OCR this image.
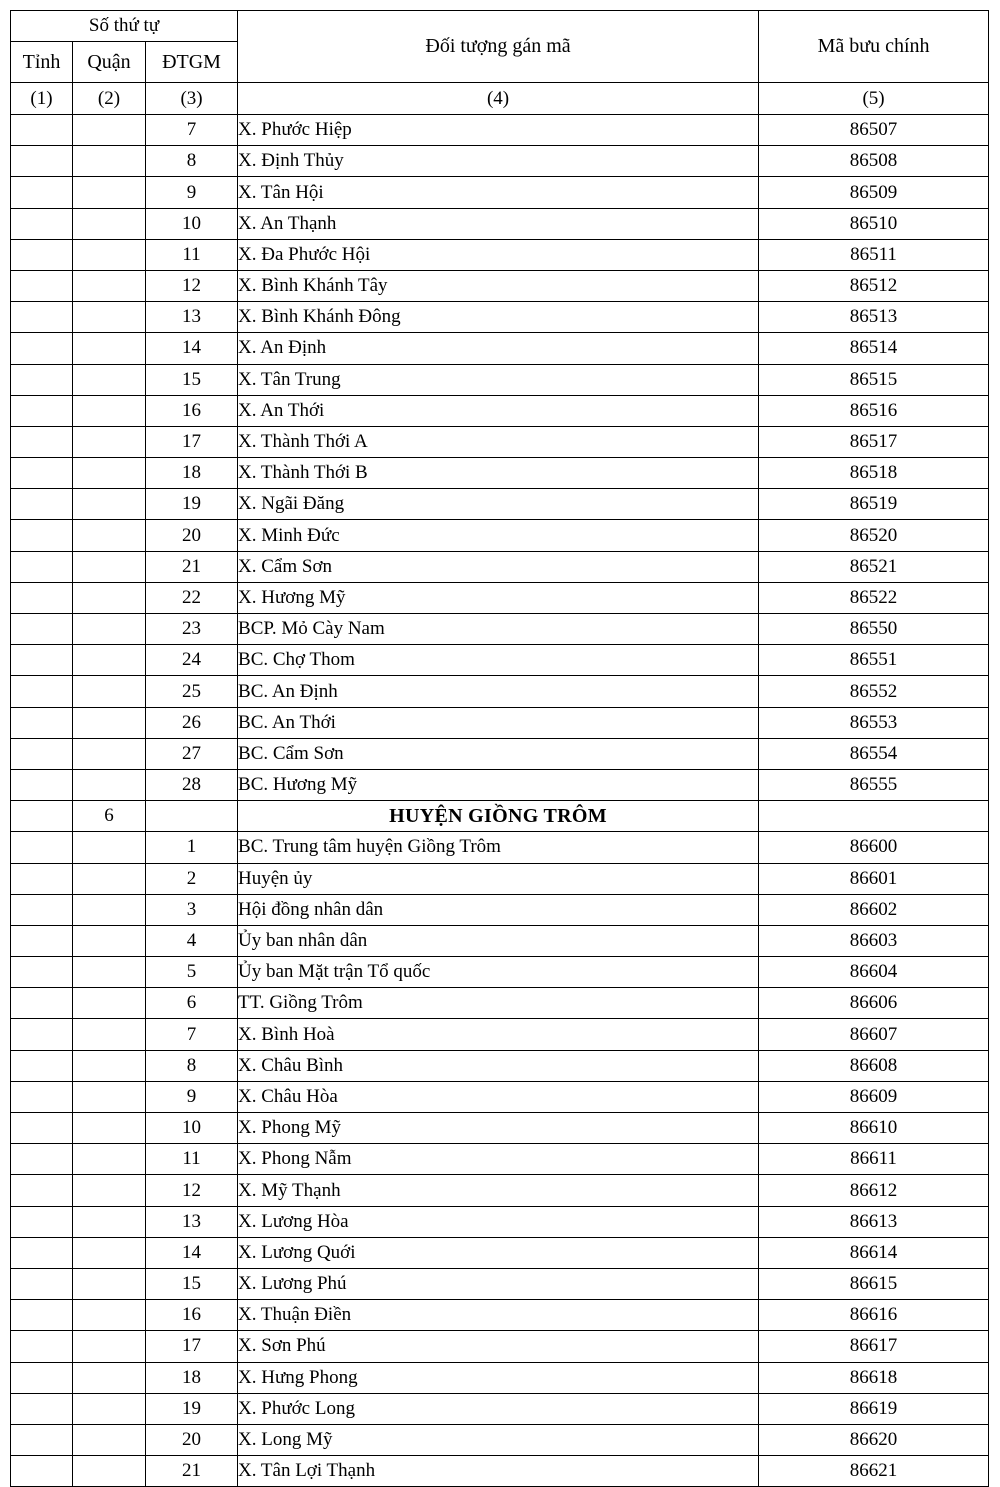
Số thứ tự			Đối tượng gán mã	Mã bưu chính
Tỉnh	Quận	ĐTGM		
(1)	(2)	(3)	(4)	(5)
		7	X. Phước Hiệp	86507
		8	X. Định Thủy	86508
		9	X. Tân Hội	86509
		10	X. An Thạnh	86510
		11	X. Đa Phước Hội	86511
		12	X. Bình Khánh Tây	86512
		13	X. Bình Khánh Đông	86513
		14	X. An Định	86514
		15	X. Tân Trung	86515
		16	X. An Thới	86516
		17	X. Thành Thới A	86517
		18	X. Thành Thới B	86518
		19	X. Ngãi Đăng	86519
		20	X. Minh Đức	86520
		21	X. Cẩm Sơn	86521
		22	X. Hương Mỹ	86522
		23	BCP. Mỏ Cày Nam	86550
		24	BC. Chợ Thom	86551
		25	BC. An Định	86552
		26	BC. An Thới	86553
		27	BC. Cẩm Sơn	86554
		28	BC. Hương Mỹ	86555
	6		HUYỆN GIỒNG TRÔM	
		1	BC. Trung tâm huyện Giồng Trôm	86600
		2	Huyện ủy	86601
		3	Hội đồng nhân dân	86602
		4	Ủy ban nhân dân	86603
		5	Ủy ban Mặt trận Tổ quốc	86604
		6	TT. Giồng Trôm	86606
		7	X. Bình Hoà	86607
		8	X. Châu Bình	86608
		9	X. Châu Hòa	86609
		10	X. Phong Mỹ	86610
		11	X. Phong Nẫm	86611
		12	X. Mỹ Thạnh	86612
		13	X. Lương Hòa	86613
		14	X. Lương Quới	86614
		15	X. Lương Phú	86615
		16	X. Thuận Điền	86616
		17	X. Sơn Phú	86617
		18	X. Hưng Phong	86618
		19	X. Phước Long	86619
		20	X. Long Mỹ	86620
		21	X. Tân Lợi Thạnh	86621
